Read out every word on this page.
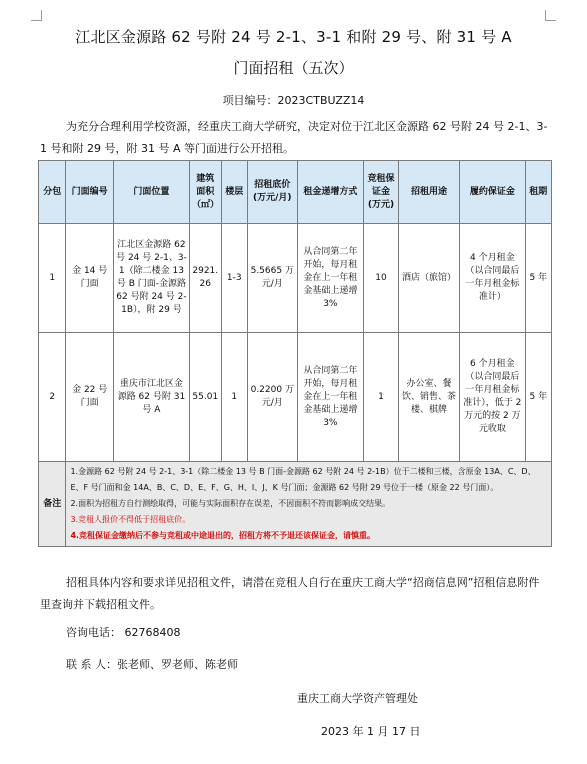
江北区金源路 62 号附 24 号 2-1、3-1 和附 29 号、附 31 号 A
门面招租（五次）
项目编号：2023CTBUZZ14
为充分合理利用学校资源，经重庆工商大学研究，决定对位于江北区金源路 62 号附 24 号 2-1、3-1 号和附 29 号，附 31 号 A 等门面进行公开招租。
分包	门面编号	门面位置	建筑面积（㎡）	楼层	招租底价(万元/月)	租金递增方式	竞租保证金(万元)	招租用途	履约保证金	租期
1	金 14 号门面	江北区金源路 62 号 24 号 2-1、3-1（除二楼金 13 号 B 门面-金源路 62 号附 24 号 2-1B），附 29 号	2921.26	1-3	5.5665 万元/月	从合同第二年开始，每月租金在上一年租金基础上递增 3%	10	酒店（旅馆）	4 个月租金（以合同最后一年月租金标准计）	5 年
2	金 22 号门面	重庆市江北区金源路 62 号附 31 号 A	55.01	1	0.2200 万元/月	从合同第二年开始，每月租金在上一年租金基础上递增 3%	1	办公室、餐饮、销售、茶楼、棋牌	6 个月租金（以合同最后一年月租金标准计），低于 2 万元的按 2 万元收取	5 年
备注	1.金源路 62 号附 24 号 2-1、3-1（除二楼金 13 号 B 门面-金源路 62 号附 24 号 2-1B）位于二楼和三楼，含原金 13A、C、D、E、F 号门面和金 14A、B、C、D、E、F、G、H、I、J、K 号门面；金源路 62 号附 29 号位于一楼（原金 22 号门面）。
2.面积为招租方自行测绘取得，可能与实际面积存在误差，不因面积不符而影响成交结果。
3.竞租人报价不得低于招租底价。
4.竞租保证金缴纳后不参与竞租或中途退出的，招租方将不予退还该保证金，请慎重。									
招租具体内容和要求详见招租文件，请潜在竞租人自行在重庆工商大学“招商信息网”招租信息附件里查询并下载招租文件。
咨询电话： 62768408
联 系 人：张老师、罗老师、陈老师
重庆工商大学资产管理处
2023 年 1 月 17 日
